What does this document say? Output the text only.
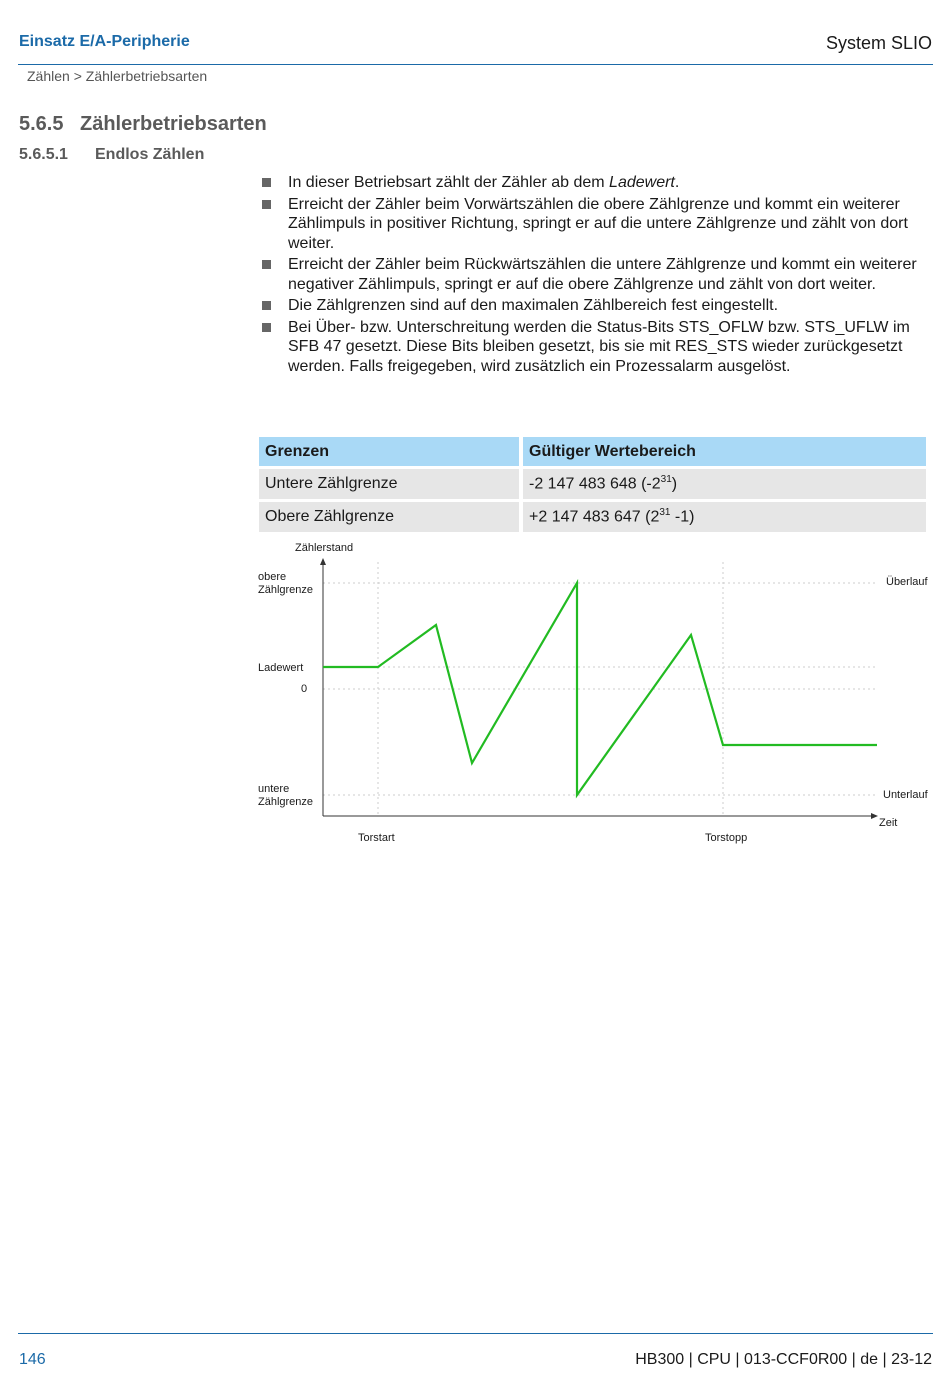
Einsatz E/A-Peripherie	System SLIO
Zählen > Zählerbetriebsarten
5.6.5 Zählerbetriebsarten
5.6.5.1 Endlos Zählen
In dieser Betriebsart zählt der Zähler ab dem Ladewert.
Erreicht der Zähler beim Vorwärtszählen die obere Zählgrenze und kommt ein weiterer Zählimpuls in positiver Richtung, springt er auf die untere Zählgrenze und zählt von dort weiter.
Erreicht der Zähler beim Rückwärtszählen die untere Zählgrenze und kommt ein weiterer negativer Zählimpuls, springt er auf die obere Zählgrenze und zählt von dort weiter.
Die Zählgrenzen sind auf den maximalen Zählbereich fest eingestellt.
Bei Über- bzw. Unterschreitung werden die Status-Bits STS_OFLW bzw. STS_UFLW im SFB 47 gesetzt. Diese Bits bleiben gesetzt, bis sie mit RES_STS wieder zurückgesetzt werden. Falls freigegeben, wird zusätzlich ein Prozessalarm ausgelöst.
Grenzen	Gültiger Wertebereich
Untere Zählgrenze	-2 147 483 648 $(-2^{31})$
Obere Zählgrenze	+2 147 483 647 ($2^{31}$ -1)
Zählerstand
obere
Zählgrenze
Ladewert
0
untere
Zählgrenze
Überlauf
Unterlauf
Zeit
Torstart	Torstopp
146	HB300 | CPU | 013-CCF0R00 | de | 23-12
